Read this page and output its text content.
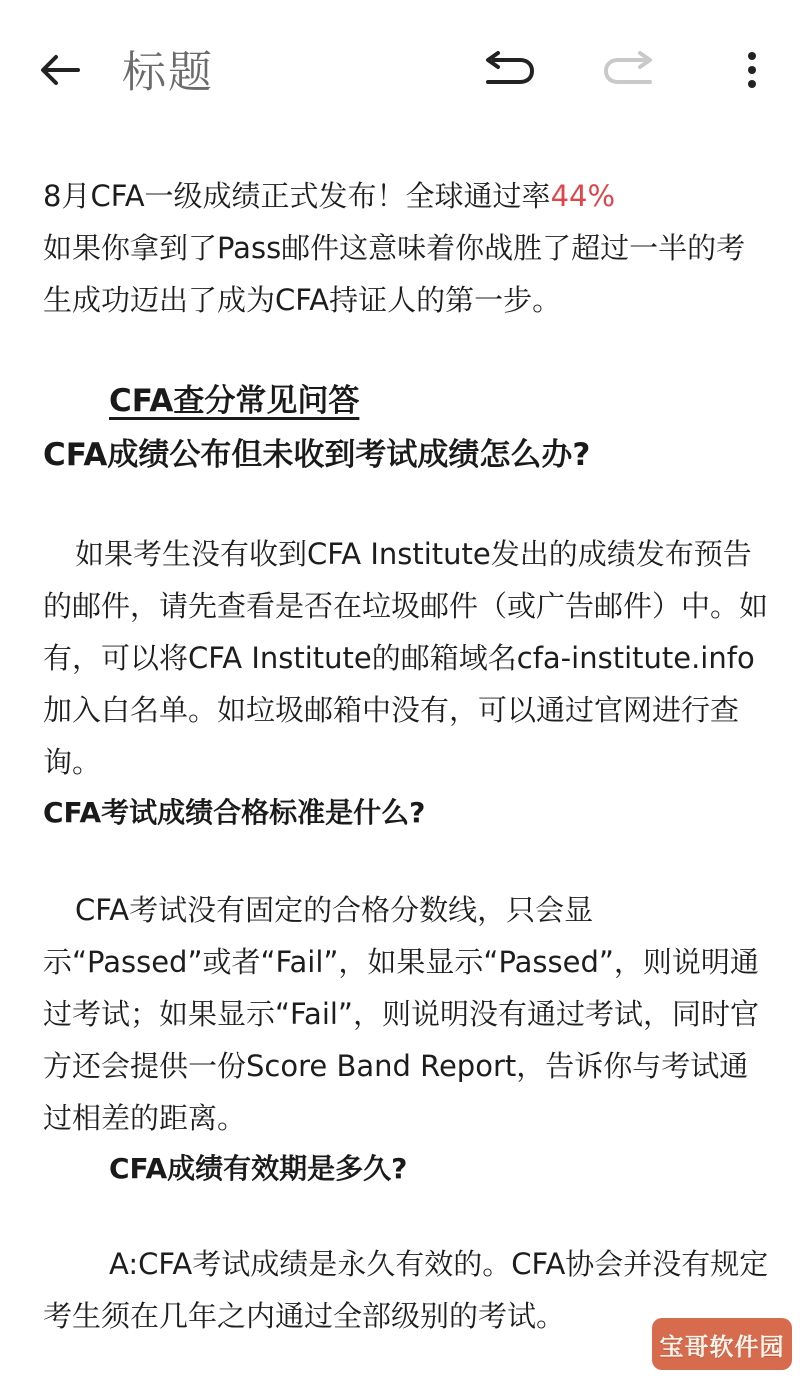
标题

8月CFA一级成绩正式发布！全球通过率44%
如果你拿到了Pass邮件这意味着你战胜了超过一半的考生成功迈出了成为CFA持证人的第一步。

CFA查分常见问答
CFA成绩公布但未收到考试成绩怎么办?

如果考生没有收到CFA Institute发出的成绩发布预告的邮件，请先查看是否在垃圾邮件（或广告邮件）中。如有，可以将CFA Institute的邮箱域名cfa-institute.info加入白名单。如垃圾邮箱中没有，可以通过官网进行查询。

CFA考试成绩合格标准是什么?

CFA考试没有固定的合格分数线，只会显示“Passed”或者“Fail”，如果显示“Passed”，则说明通过考试；如果显示“Fail”，则说明没有通过考试，同时官方还会提供一份Score Band Report，告诉你与考试通过相差的距离。

CFA成绩有效期是多久?

A:CFA考试成绩是永久有效的。CFA协会并没有规定考生须在几年之内通过全部级别的考试。

宝哥软件园
